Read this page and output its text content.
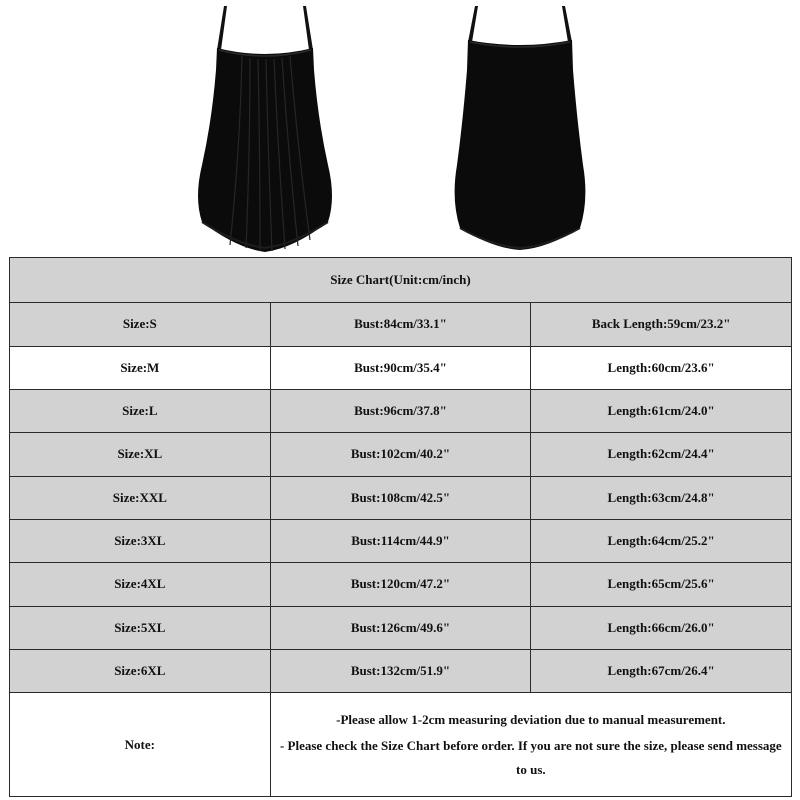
Size Chart(Unit:cm/inch)		
Size:S	Bust:84cm/33.1"	Back Length:59cm/23.2"
Size:M	Bust:90cm/35.4"	Length:60cm/23.6"
Size:L	Bust:96cm/37.8"	Length:61cm/24.0"
Size:XL	Bust:102cm/40.2"	Length:62cm/24.4"
Size:XXL	Bust:108cm/42.5"	Length:63cm/24.8"
Size:3XL	Bust:114cm/44.9"	Length:64cm/25.2"
Size:4XL	Bust:120cm/47.2"	Length:65cm/25.6"
Size:5XL	Bust:126cm/49.6"	Length:66cm/26.0"
Size:6XL	Bust:132cm/51.9"	Length:67cm/26.4"
Note:	-Please allow 1-2cm measuring deviation due to manual measurement.
- Please check the Size Chart before order. If you are not sure the size, please send message to us.	
